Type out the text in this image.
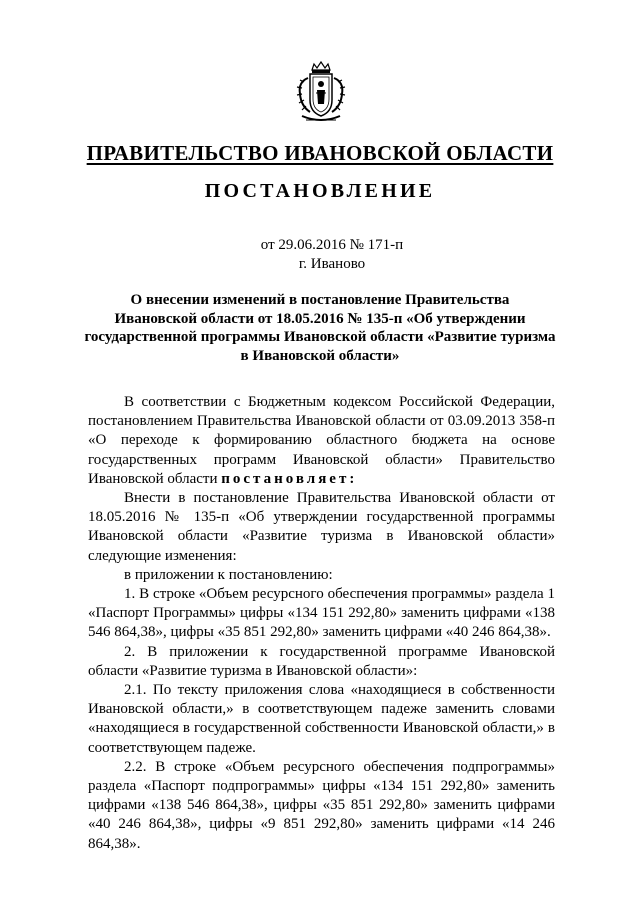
ПРАВИТЕЛЬСТВО ИВАНОВСКОЙ ОБЛАСТИ
ПОСТАНОВЛЕНИЕ
от 29.06.2016 № 171-п
г. Иваново
О внесении изменений в постановление Правительства
Ивановской области от 18.05.2016 № 135-п «Об утверждении
государственной программы Ивановской области «Развитие туризма
в Ивановской области»

В соответствии с Бюджетным кодексом Российской Федерации, постановлением Правительства Ивановской области от 03.09.2013 358-п «О переходе к формированию областного бюджета на основе государственных программ Ивановской области» Правительство Ивановской области постановляет:

Внести в постановление Правительства Ивановской области от 18.05.2016 № 135-п «Об утверждении государственной программы Ивановской области «Развитие туризма в Ивановской области» следующие изменения:

в приложении к постановлению:

1. В строке «Объем ресурсного обеспечения программы» раздела 1 «Паспорт Программы» цифры «134 151 292,80» заменить цифрами «138 546 864,38», цифры «35 851 292,80» заменить цифрами «40 246 864,38».

2. В приложении к государственной программе Ивановской области «Развитие туризма в Ивановской области»:

2.1. По тексту приложения слова «находящиеся в собственности Ивановской области,» в соответствующем падеже заменить словами «находящиеся в государственной собственности Ивановской области,» в соответствующем падеже.

2.2. В строке «Объем ресурсного обеспечения подпрограммы» раздела «Паспорт подпрограммы» цифры «134 151 292,80» заменить цифрами «138 546 864,38», цифры «35 851 292,80» заменить цифрами «40 246 864,38», цифры «9 851 292,80» заменить цифрами «14 246 864,38».
